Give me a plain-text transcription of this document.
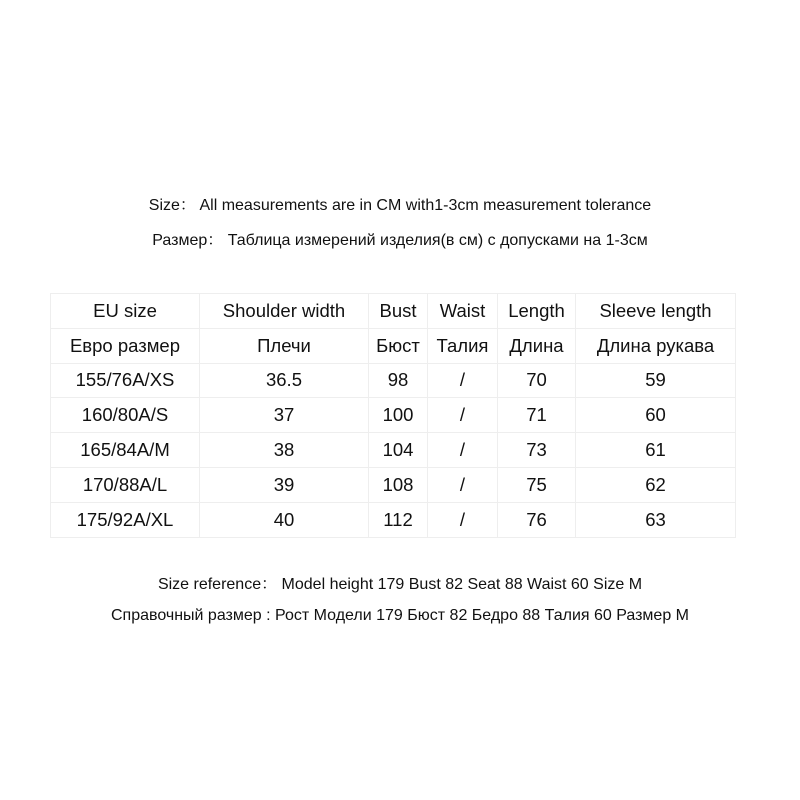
Size： All measurements are in CM with1-3cm measurement tolerance
Размер： Таблица измерений изделия(в см) с допусками на 1-3см
EU size	Shoulder width	Bust	Waist	Length	Sleeve length
Евро размер	Плечи	Бюст	Талия	Длина	Длина рукава
155/76A/XS	36.5	98	/	70	59
160/80A/S	37	100	/	71	60
165/84A/M	38	104	/	73	61
170/88A/L	39	108	/	75	62
175/92A/XL	40	112	/	76	63
Size reference： Model height 179 Bust 82 Seat 88 Waist 60 Size M
Справочный размер : Рост Модели 179 Бюст 82 Бедро 88 Талия 60 Размер M
